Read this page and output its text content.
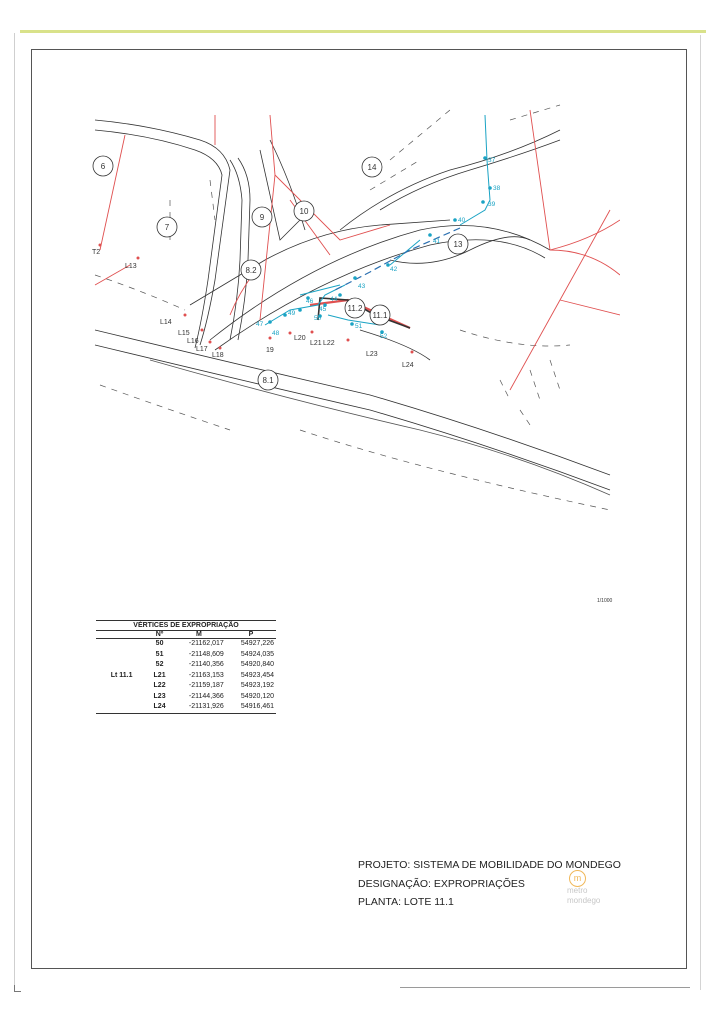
6
7
9
10
14
8.2
13
11.2
11.1
8.1
37
38
39
40
41
42
43
44
45
46
47
48
49
50
51
52
T2
L13
L14
L15
L16
L17
L18
19
L20
L21 L22
L23
L24
1/1000
VÉRTICES DE EXPROPRIAÇÃO
	Nº	M	P
	50	-21162,017	54927,226
	51	-21148,609	54924,035
	52	-21140,356	54920,840
Lt 11.1	L21	-21163,153	54923,454
	L22	-21159,187	54923,192
	L23	-21144,366	54920,120
	L24	-21131,926	54916,461
PROJETO: SISTEMA DE MOBILIDADE DO MONDEGO
DESIGNAÇÃO: EXPROPRIAÇÕES
PLANTA: LOTE 11.1
m
metro
mondego
